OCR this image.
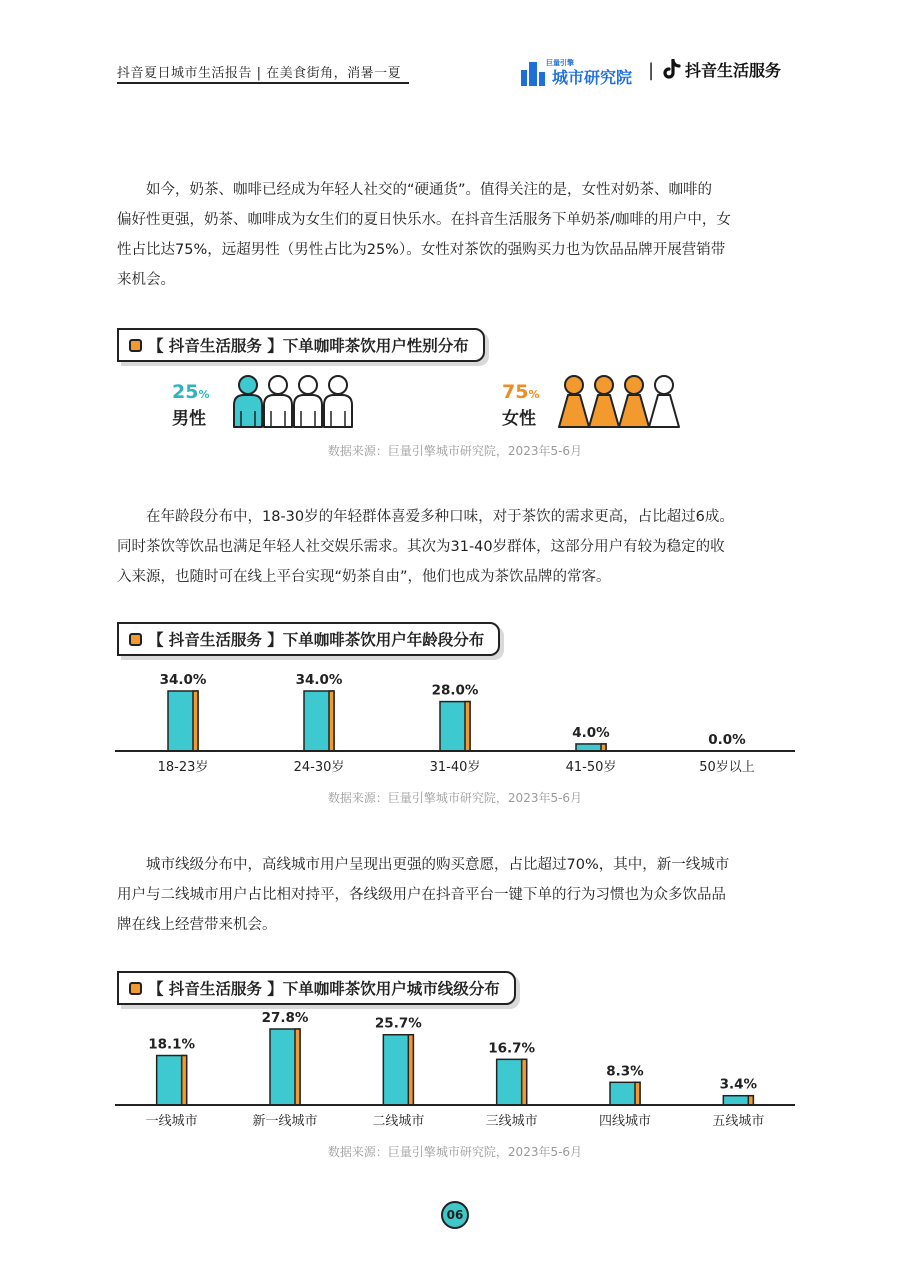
抖音夏日城市生活报告 | 在美食街角，消暑一夏
巨量引擎
城市研究院 | 抖音生活服务
　　如今，奶茶、咖啡已经成为年轻人社交的“硬通货”。值得关注的是，女性对奶茶、咖啡的
偏好性更强，奶茶、咖啡成为女生们的夏日快乐水。在抖音生活服务下单奶茶/咖啡的用户中，女
性占比达75%，远超男性（男性占比为25%）。女性对茶饮的强购买力也为饮品品牌开展营销带
来机会。
【 抖音生活服务 】下单咖啡茶饮用户性别分布
25%
男性
75%
女性
数据来源：巨量引擎城市研究院，2023年5-6月
　　在年龄段分布中，18-30岁的年轻群体喜爱多种口味，对于茶饮的需求更高，占比超过6成。
同时茶饮等饮品也满足年轻人社交娱乐需求。其次为31-40岁群体，这部分用户有较为稳定的收
入来源，也随时可在线上平台实现“奶茶自由”，他们也成为茶饮品牌的常客。
【 抖音生活服务 】下单咖啡茶饮用户年龄段分布
34.0%
18-23岁
34.0%
24-30岁
28.0%
31-40岁
4.0%
41-50岁
0.0%
50岁以上
数据来源：巨量引擎城市研究院，2023年5-6月
　　城市线级分布中，高线城市用户呈现出更强的购买意愿，占比超过70%，其中，新一线城市
用户与二线城市用户占比相对持平，各线级用户在抖音平台一键下单的行为习惯也为众多饮品品
牌在线上经营带来机会。
【 抖音生活服务 】下单咖啡茶饮用户城市线级分布
18.1%
一线城市
27.8%
新一线城市
25.7%
二线城市
16.7%
三线城市
8.3%
四线城市
3.4%
五线城市
数据来源：巨量引擎城市研究院，2023年5-6月
06
